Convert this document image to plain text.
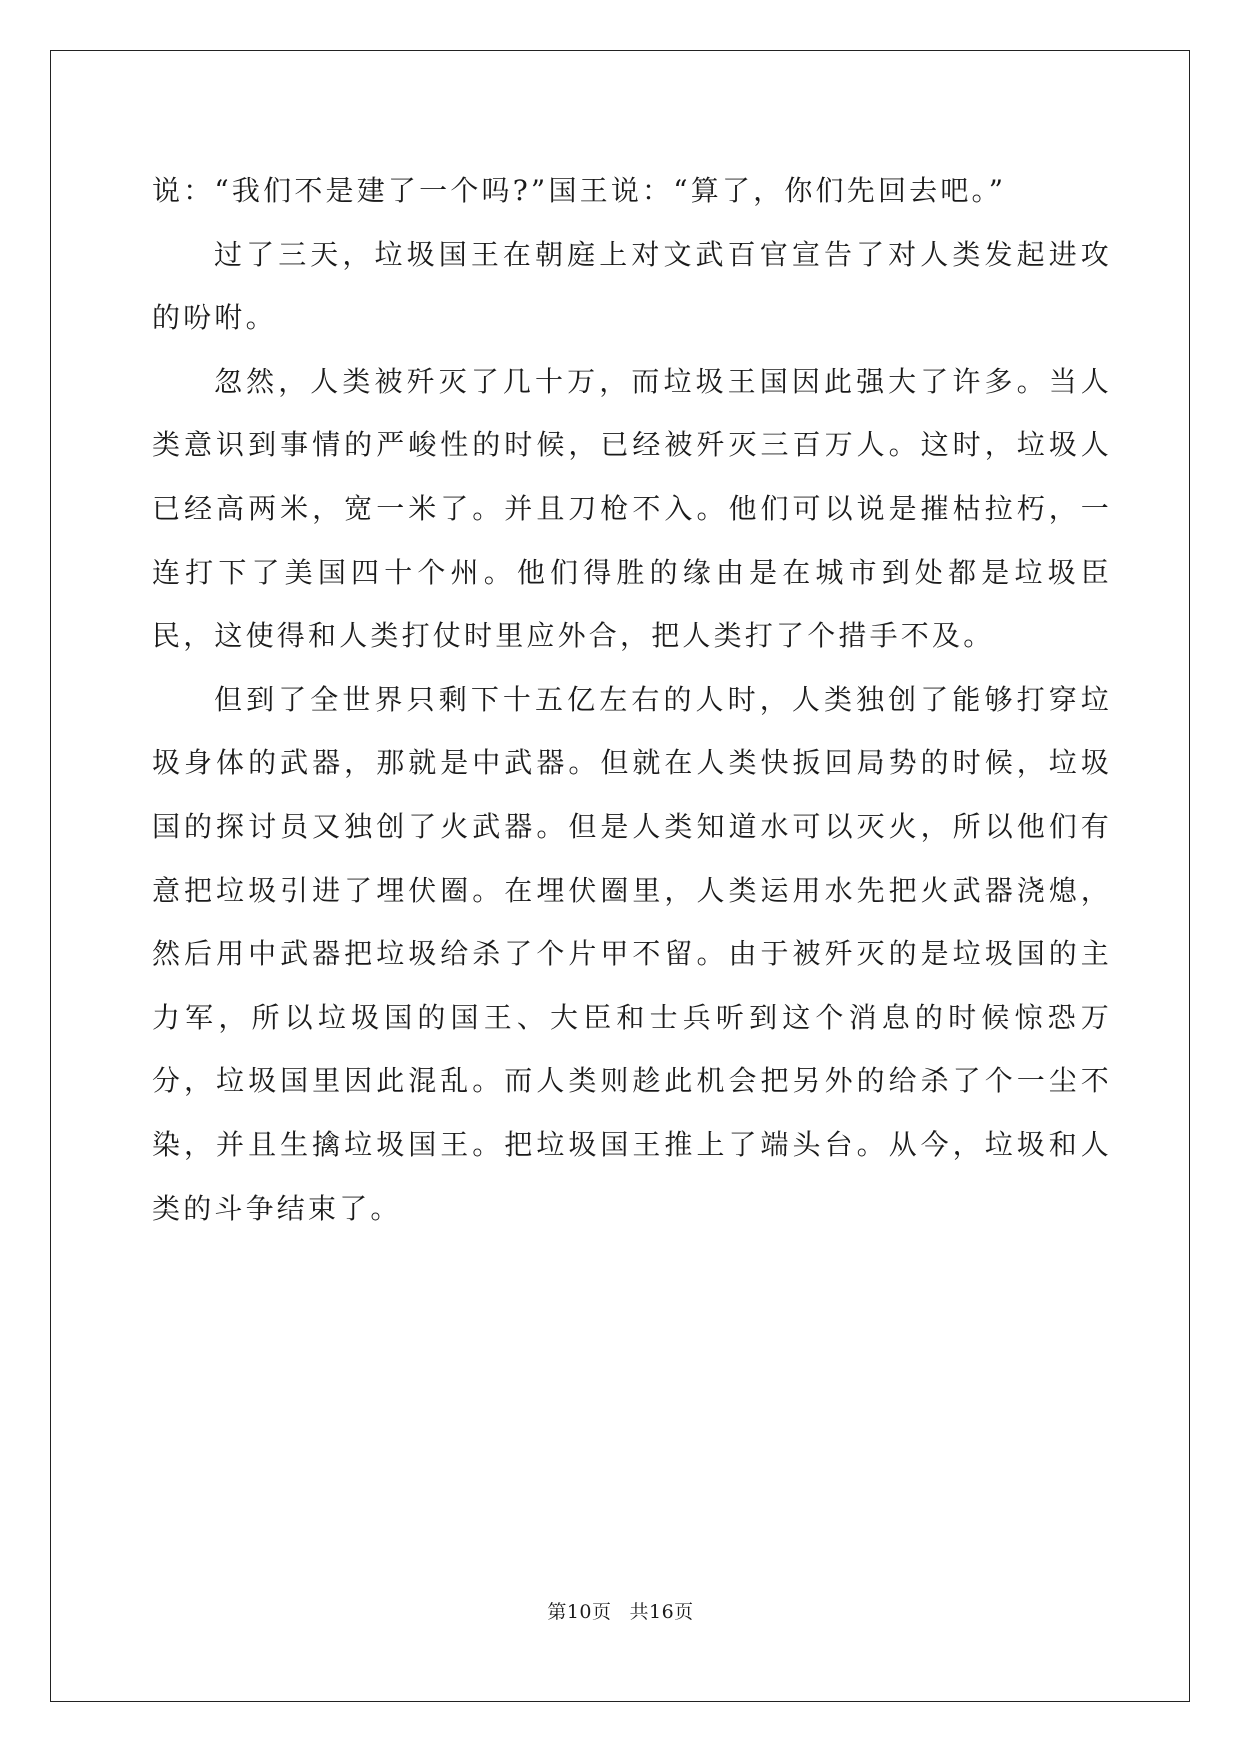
说：“我们不是建了一个吗?”国王说：“算了，你们先回去吧。”

过了三天，垃圾国王在朝庭上对文武百官宣告了对人类发起进攻的吩咐。

忽然，人类被歼灭了几十万，而垃圾王国因此强大了许多。当人类意识到事情的严峻性的时候，已经被歼灭三百万人。这时，垃圾人已经高两米，宽一米了。并且刀枪不入。他们可以说是摧枯拉朽，一连打下了美国四十个州。他们得胜的缘由是在城市到处都是垃圾臣民，这使得和人类打仗时里应外合，把人类打了个措手不及。

但到了全世界只剩下十五亿左右的人时，人类独创了能够打穿垃圾身体的武器，那就是中武器。但就在人类快扳回局势的时候，垃圾国的探讨员又独创了火武器。但是人类知道水可以灭火，所以他们有意把垃圾引进了埋伏圈。在埋伏圈里，人类运用水先把火武器浇熄，然后用中武器把垃圾给杀了个片甲不留。由于被歼灭的是垃圾国的主力军，所以垃圾国的国王、大臣和士兵听到这个消息的时候惊恐万分，垃圾国里因此混乱。而人类则趁此机会把另外的给杀了个一尘不染，并且生擒垃圾国王。把垃圾国王推上了端头台。从今，垃圾和人类的斗争结束了。

第10页 共16页
